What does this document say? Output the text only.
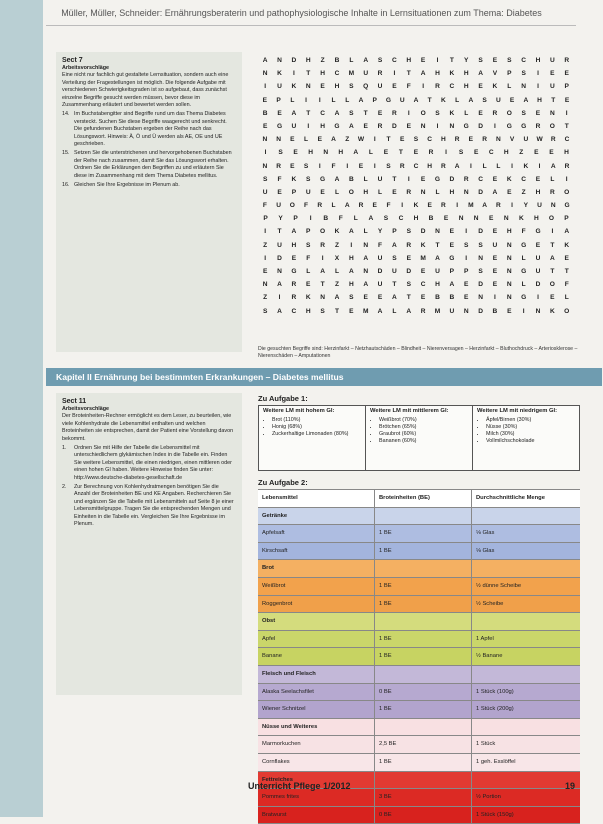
Müller, Müller, Schneider: Ernährungsberaterin und pathophysiologische Inhalte in Lernsituationen zum Thema: Diabetes
Sect 7
Arbeitsvorschläge
Eine nicht nur fachlich gut gestaltete Lernsituation, sondern auch eine Verteilung der Fragestellungen ist möglich. Die folgende Aufgabe mit verschiedenen Schwierigkeitsgraden ist so aufgebaut, dass zunächst einzelne Begriffe gesucht werden müssen, bevor diese im Zusammenhang erläutert und bewertet werden sollen.
14. Im Buchstabengitter sind Begriffe rund um das Thema Diabetes versteckt. Suchen Sie diese Begriffe waagerecht und senkrecht. Die gefundenen Buchstaben ergeben der Reihe nach das Lösungswort. Hinweis: Ä, Ö und Ü werden als AE, OE und UE geschrieben.
15. Setzen Sie die unterstrichenen und hervorgehobenen Buchstaben der Reihe nach zusammen, damit Sie das Lösungswort erhalten. Ordnen Sie die Erklärungen den Begriffen zu und erläutern Sie diese im Zusammenhang mit dem Thema Diabetes mellitus.
16. Gleichen Sie Ihre Ergebnisse im Plenum ab.
A	N	D	H	Z	B	L	A	S	C	H	E	I	T	Y	S	E	S	C	H	U	R
N	K	I	T	H	C	M	U	R	I	T	A	H	K	H	A	V	P	S	I	E	E
I	U	K	N	E	H	S	Q	U	E	F	I	R	C	H	E	K	L	N	I	U	P
E	P	L	I	I	L	L	A	P	G	U	A	T	K	L	A	S	U	E	A	H	T	E
B	E	A	T	C	A	S	T	E	R	I	O	S	K	L	E	R	O	S	E	N	I
E	G	U	I	H	G	A	E	R	D	E	N	I	N	G	D	I	G	G	R	O	T
N	N	E	L	E	A	Z	W	I	T	E	S	C	H	R	E	R	N	V	U	W	R	C
I	S	E	H	N	H	A	L	E	T	E	R	I	S	E	C	H	Z	E	E	H
N	R	E	S	I	F	I	E	I	S	R	C	H	R	A	I	L	L	I	K	I	A	R
S	F	K	S	G	A	B	L	U	T	I	E	G	D	R	C	E	K	C	E	L	I
U	E	P	U	E	L	O	H	L	E	R	N	L	H	N	D	A	E	Z	H	R	O
F	U	O	F	R	L	A	R	E	F	I	K	E	R	I	M	A	R	I	Y	U	N	G
P	Y	P	I	B	F	L	A	S	C	H	B	E	N	N	E	N	K	H	O	P
I	T	A	P	O	K	A	L	Y	P	S	D	N	E	I	D	E	H	F	G	I	A
Z	U	H	S	R	Z	I	N	F	A	R	K	T	E	S	S	U	N	G	E	T	K
I	D	E	F	I	X	H	A	U	S	E	M	A	G	I	N	E	N	L	U	A	E
E	N	G	L	A	L	A	N	D	U	D	E	U	P	P	S	E	N	G	U	T	T
N	A	R	E	T	Z	H	A	U	T	S	C	H	A	E	D	E	N	L	D	O	F
Z	I	R	K	N	A	S	E	E	A	T	E	B	B	E	N	I	N	G	I	E	L
S	A	C	H	S	T	E	M	A	L	A	R	M	U	N	D	B	E	I	N	K	O
Die gesuchten Begriffe sind: Herzinfarkt – Netzhautschäden – Blindheit – Nierenversagen – Herzinfarkt – Bluthochdruck – Arteriosklerose – Nierenschäden – Amputationen
Kapitel II Ernährung bei bestimmten Erkrankungen – Diabetes mellitus
Sect 11
Arbeitsvorschläge
Der Broteinheiten-Rechner ermöglicht es dem Leser, zu beurteilen, wie viele Kohlenhydrate die Lebensmittel enthalten und welchen Broteinheiten sie entsprechen, damit der Patient eine Vorstellung davon bekommt.
1.	Ordnen Sie mit Hilfe der Tabelle die Lebensmittel mit unterschiedlichem glykämischen Index in die Tabelle ein. Finden Sie weitere Lebensmittel, die einen niedrigen, einen mittleren oder einen hohen GI haben. Weitere Hinweise finden Sie unter: http://www.deutsche-diabetes-gesellschaft.de
2.	Zur Berechnung von Kohlenhydratmengen benötigen Sie die Anzahl der Broteinheiten BE und KE Angaben. Recherchieren Sie und ergänzen Sie die Tabelle mit Lebensmitteln auf Seite 8 je einer Lebensmittelgruppe. Tragen Sie die entsprechenden Mengen und Einheiten in die Tabelle ein. Vergleichen Sie Ihre Ergebnisse im Plenum.
Zu Aufgabe 1:
Weitere LM mit hohem GI:
• Brot (110%)
• Honig (68%)
• Zuckerhaltige Limonaden (80%)
Weitere LM mit mittlerem GI:
• Weißbrot (70%)
• Brötchen (65%)
• Graubrot (60%)
• Bananen (60%)
Weitere LM mit niedrigem GI:
• Äpfel/Birnen (30%)
• Nüsse (30%)
• Milch (30%)
• Vollmilchschokolade
Zu Aufgabe 2:
Lebensmittel	Broteinheiten (BE)	Durchschnittliche Menge
Getränke
Apfelsaft	1 BE	⅛ Glas
Kirschsaft	1 BE	⅛ Glas
Brot
Weißbrot	1 BE	½ dünne Scheibe
Roggenbrot	1 BE	½ Scheibe
Obst
Apfel	1 BE	1 Apfel
Banane	1 BE	½ Banane
Fleisch und Fleisch
Alaska Seelachsfilet	0 BE	1 Stück (100g)
Wiener Schnitzel	1 BE	1 Stück (200g)
Nüsse und Weiteres
Marmorkuchen	2,5 BE	1 Stück
Cornflakes	1 BE	1 geh. Esslöffel
Fettreiches
Pommes frites	3 BE	½ Portion
Bratwurst	0 BE	1 Stück (150g)
Unterricht Pflege 1/2012	19
